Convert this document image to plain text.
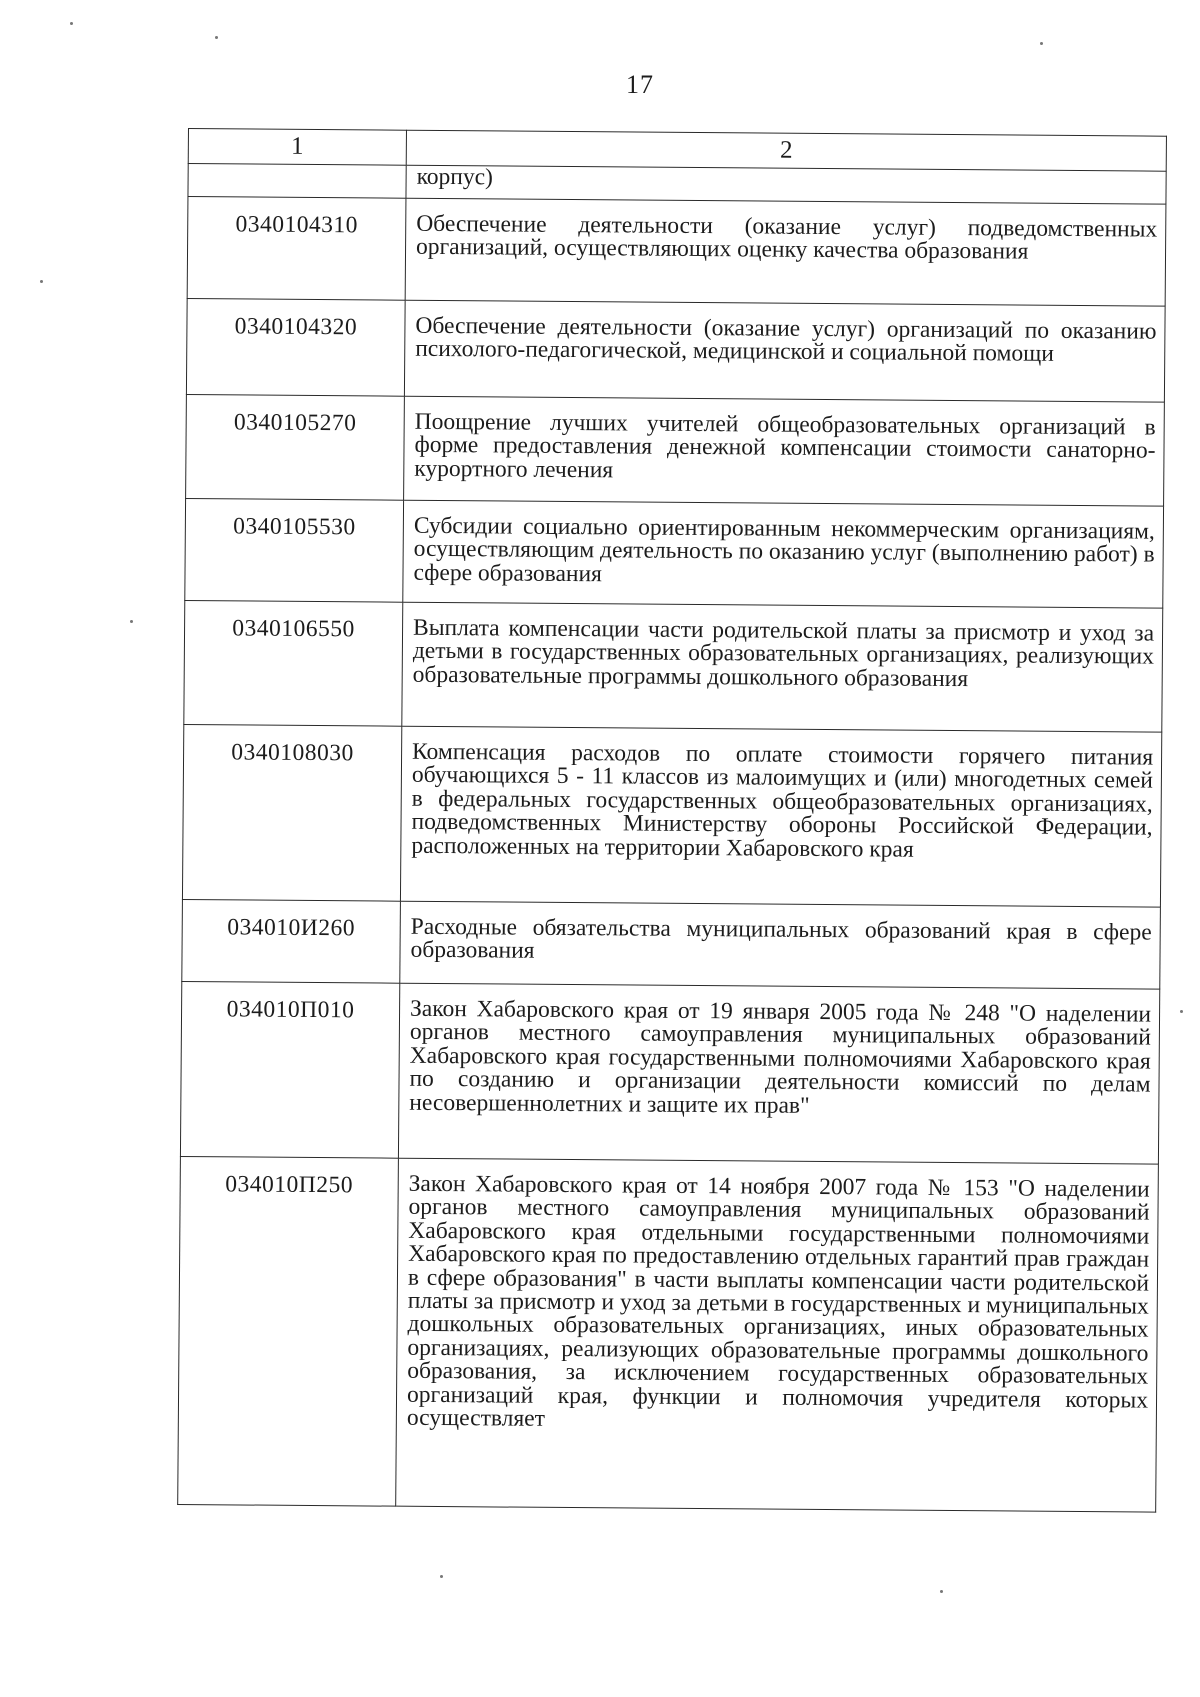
17
1	2
	корпус)
0340104310	Обеспечение деятельности (оказание услуг) подведомственных организаций, осуществляющих оценку качества образования
0340104320	Обеспечение деятельности (оказание услуг) организаций по оказанию психолого-педагогической, медицинской и социальной помощи
0340105270	Поощрение лучших учителей общеобразовательных организаций в форме предоставления денежной компенсации стоимости санаторно-курортного лечения
0340105530	Субсидии социально ориентированным некоммерческим организациям, осуществляющим деятельность по оказанию услуг (выполнению работ) в сфере образования
0340106550	Выплата компенсации части родительской платы за присмотр и уход за детьми в государственных образовательных организациях, реализующих образовательные программы дошкольного образования
0340108030	Компенсация расходов по оплате стоимости горячего питания обучающихся 5 - 11 классов из малоимущих и (или) многодетных семей в федеральных государственных общеобразовательных организациях, подведомственных Министерству обороны Российской Федерации, расположенных на территории Хабаровского края
034010И260	Расходные обязательства муниципальных образований края в сфере образования
034010П010	Закон Хабаровского края от 19 января 2005 года № 248 "О наделении органов местного самоуправления муниципальных образований Хабаровского края государственными полномочиями Хабаровского края по созданию и организации деятельности комиссий по делам несовершеннолетних и защите их прав"
034010П250	Закон Хабаровского края от 14 ноября 2007 года № 153 "О наделении органов местного самоуправления муниципальных образований Хабаровского края отдельными государственными полномочиями Хабаровского края по предоставлению отдельных гарантий прав граждан в сфере образования" в части выплаты компенсации части родительской платы за присмотр и уход за детьми в государственных и муниципальных дошкольных образовательных организациях, иных образовательных организациях, реализующих образовательные программы дошкольного образования, за исключением государственных образовательных организаций края, функции и полномочия учредителя которых осуществляет
